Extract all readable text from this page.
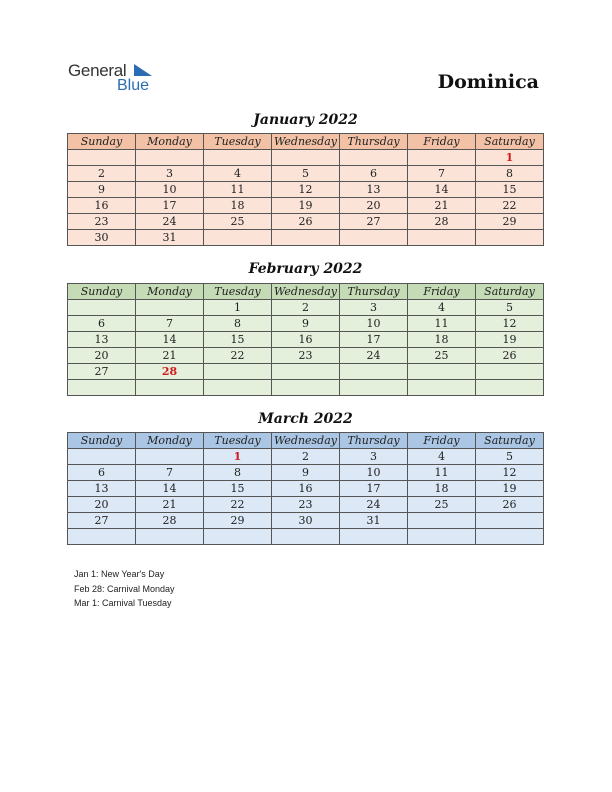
General
Blue	Dominica
January 2022
Sunday	Monday	Tuesday	Wednesday	Thursday	Friday	Saturday
						1
2	3	4	5	6	7	8
9	10	11	12	13	14	15
16	17	18	19	20	21	22
23	24	25	26	27	28	29
30	31					
February 2022
Sunday	Monday	Tuesday	Wednesday	Thursday	Friday	Saturday
		1	2	3	4	5
6	7	8	9	10	11	12
13	14	15	16	17	18	19
20	21	22	23	24	25	26
27	28					

March 2022
Sunday	Monday	Tuesday	Wednesday	Thursday	Friday	Saturday
		1	2	3	4	5
6	7	8	9	10	11	12
13	14	15	16	17	18	19
20	21	22	23	24	25	26
27	28	29	30	31		

Jan 1: New Year's Day
Feb 28: Carnival Monday
Mar 1: Carnival Tuesday
